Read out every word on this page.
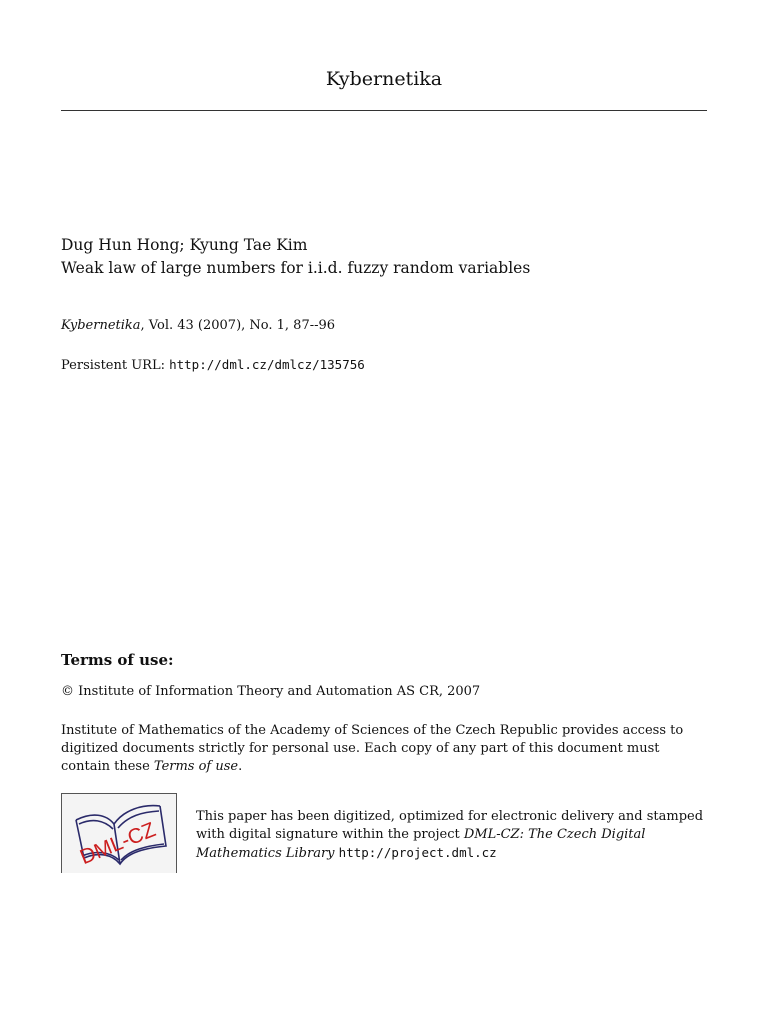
Kybernetika
Dug Hun Hong; Kyung Tae Kim
Weak law of large numbers for i.i.d. fuzzy random variables
Kybernetika, Vol. 43 (2007), No. 1, 87--96
Persistent URL: http://dml.cz/dmlcz/135756
Terms of use:
© Institute of Information Theory and Automation AS CR, 2007
Institute of Mathematics of the Academy of Sciences of the Czech Republic provides access to digitized documents strictly for personal use. Each copy of any part of this document must contain these Terms of use.
DML-CZ
This paper has been digitized, optimized for electronic delivery and stamped with digital signature within the project DML-CZ: The Czech Digital Mathematics Library http://project.dml.cz
